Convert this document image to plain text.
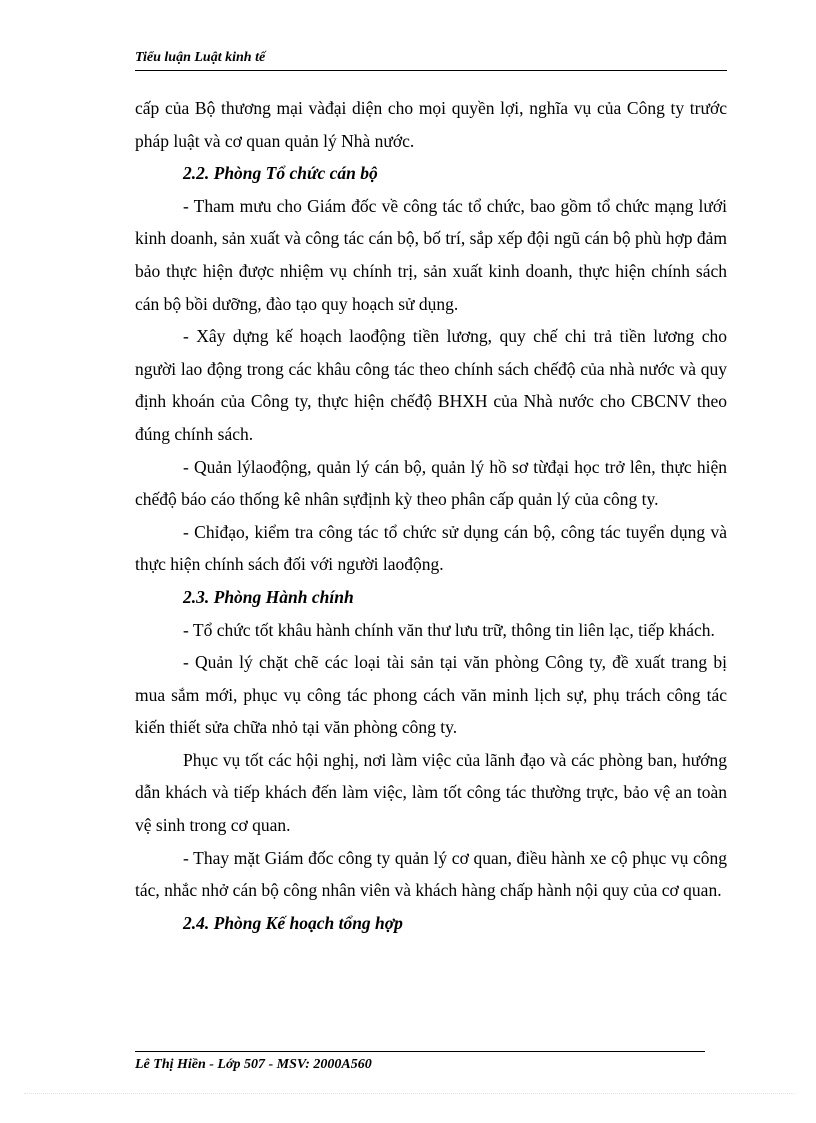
Tiểu luận Luật kinh tế

cấp của Bộ thương mại vàđại diện cho mọi quyền lợi, nghĩa vụ của Công ty trước pháp luật và cơ quan quản lý Nhà nước.

2.2. Phòng Tổ chức cán bộ

- Tham mưu cho Giám đốc về công tác tổ chức, bao gồm tổ chức mạng lưới kinh doanh, sản xuất và công tác cán bộ, bố trí, sắp xếp đội ngũ cán bộ phù hợp đảm bảo thực hiện được nhiệm vụ chính trị, sản xuất kinh doanh, thực hiện chính sách cán bộ bồi dưỡng, đào tạo quy hoạch sử dụng.

- Xây dựng kế hoạch laođộng tiền lương, quy chế chi trả tiền lương cho người lao động trong các khâu công tác theo chính sách chếđộ của nhà nước và quy định khoán của Công ty, thực hiện chếđộ BHXH của Nhà nước cho CBCNV theo đúng chính sách.

- Quản lýlaođộng, quản lý cán bộ, quản lý hồ sơ từđại học trở lên, thực hiện chếđộ báo cáo thống kê nhân sựđịnh kỳ theo phân cấp quản lý của công ty.

- Chỉđạo, kiểm tra công tác tổ chức sử dụng cán bộ, công tác tuyển dụng và thực hiện chính sách đối với người laođộng.

2.3. Phòng Hành chính

- Tổ chức tốt khâu hành chính văn thư lưu trữ, thông tin liên lạc, tiếp khách.

- Quản lý chặt chẽ các loại tài sản tại văn phòng Công ty, đề xuất trang bị mua sắm mới, phục vụ công tác phong cách văn minh lịch sự, phụ trách công tác kiến thiết sửa chữa nhỏ tại văn phòng công ty.

Phục vụ tốt các hội nghị, nơi làm việc của lãnh đạo và các phòng ban, hướng dẫn khách và tiếp khách đến làm việc, làm tốt công tác thường trực, bảo vệ an toàn vệ sinh trong cơ quan.

- Thay mặt Giám đốc công ty quản lý cơ quan, điều hành xe cộ phục vụ công tác, nhắc nhở cán bộ công nhân viên và khách hàng chấp hành nội quy của cơ quan.

2.4. Phòng Kế hoạch tổng hợp

Lê Thị Hiền - Lớp 507 - MSV: 2000A560
